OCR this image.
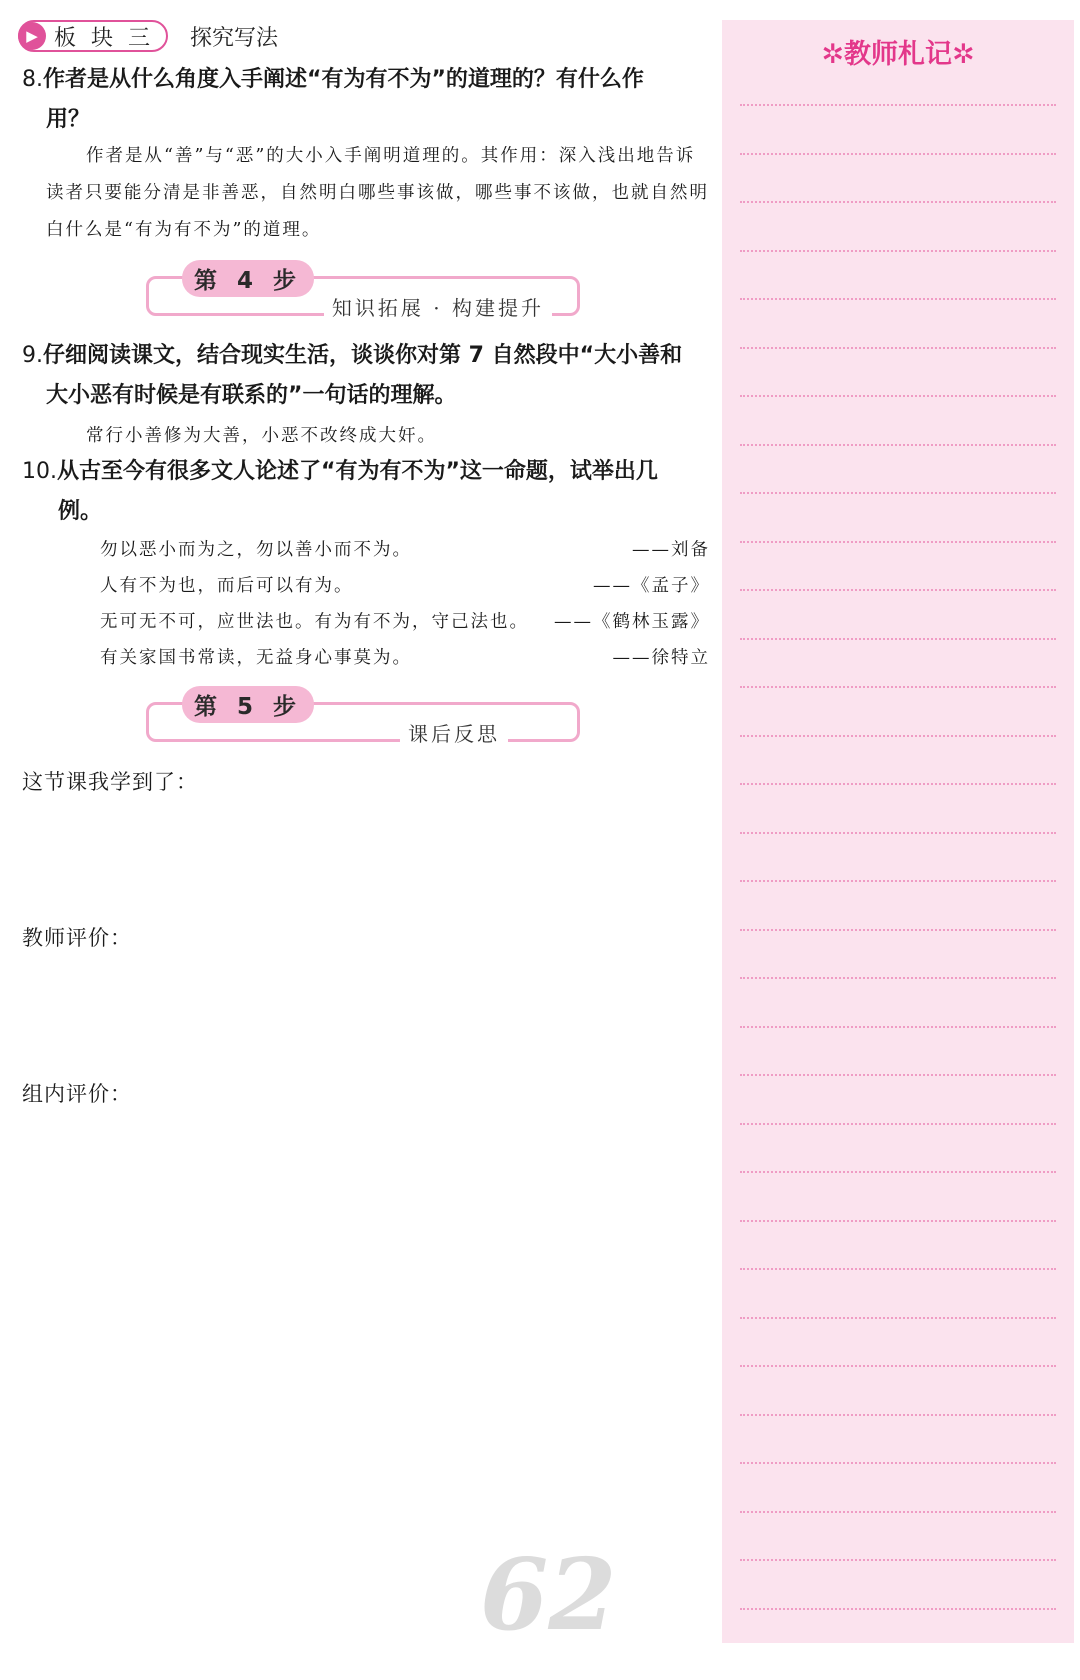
▶ 板 块 三 探究写法
8.作者是从什么角度入手阐述“有为有不为”的道理的？有什么作
用？
作者是从“善”与“恶”的大小入手阐明道理的。其作用：深入浅出地告诉
读者只要能分清是非善恶，自然明白哪些事该做，哪些事不该做，也就自然明
白什么是“有为有不为”的道理。
第 4 步
知识拓展 · 构建提升
9.仔细阅读课文，结合现实生活，谈谈你对第 7 自然段中“大小善和
大小恶有时候是有联系的”一句话的理解。
常行小善修为大善，小恶不改终成大奸。
10.从古至今有很多文人论述了“有为有不为”这一命题，试举出几
例。
勿以恶小而为之，勿以善小而不为。	——刘备
人有不为也，而后可以有为。	——《孟子》
无可无不可，应世法也。有为有不为，守己法也。 ——《鹤林玉露》
有关家国书常读，无益身心事莫为。	——徐特立
第 5 步
课后反思
这节课我学到了：
教师评价：
组内评价：
62
✲教师札记✲
